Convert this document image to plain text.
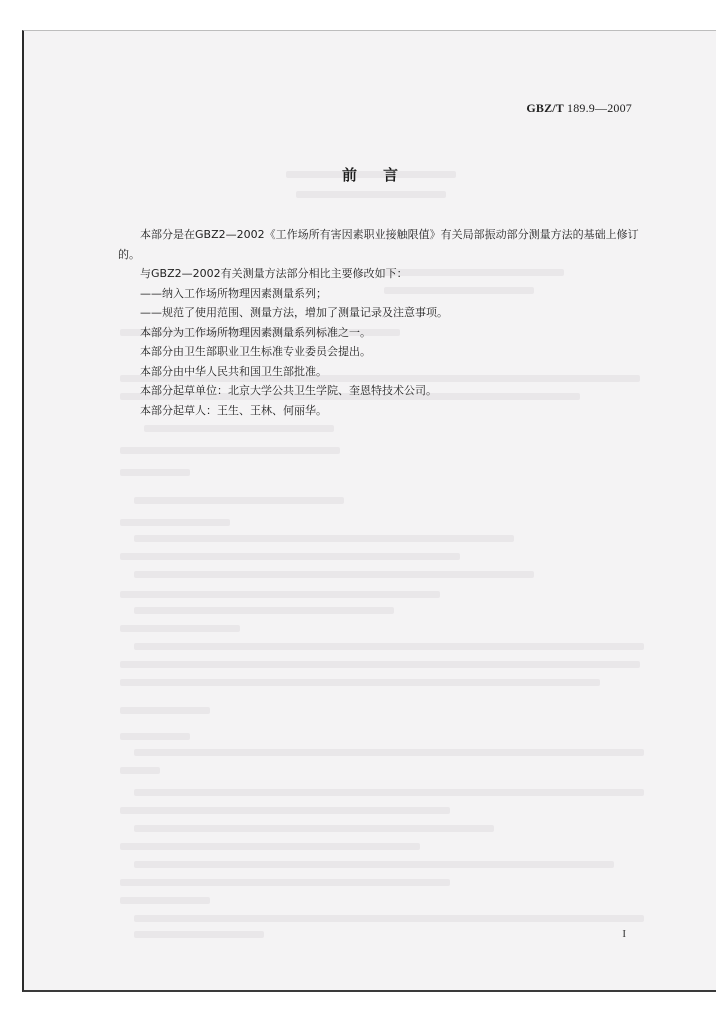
GBZ/T 189.9—2007
前言

本部分是在GBZ2—2002《工作场所有害因素职业接触限值》有关局部振动部分测量方法的基础上修订的。

与GBZ2—2002有关测量方法部分相比主要修改如下：

——纳入工作场所物理因素测量系列；

——规范了使用范围、测量方法，增加了测量记录及注意事项。

本部分为工作场所物理因素测量系列标准之一。

本部分由卫生部职业卫生标准专业委员会提出。

本部分由中华人民共和国卫生部批准。

本部分起草单位：北京大学公共卫生学院、奎恩特技术公司。

本部分起草人：王生、王林、何丽华。

I
